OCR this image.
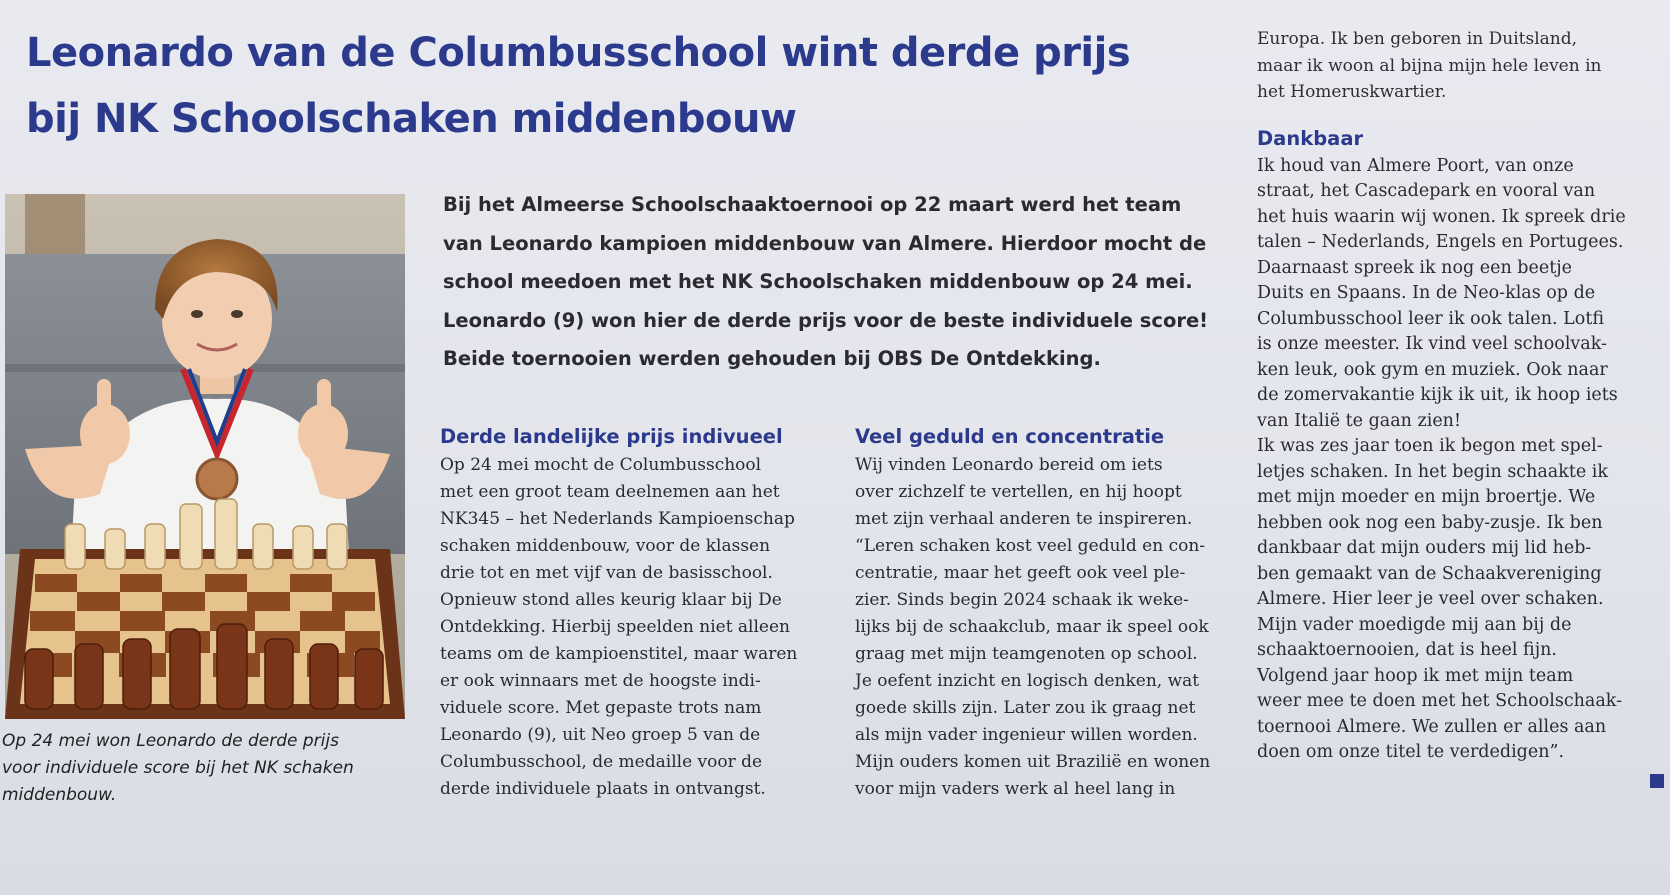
Leonardo van de Columbusschool wint derde prijs
bij NK Schoolschaken middenbouw
Op 24 mei won Leonardo de derde prijs
voor individuele score bij het NK schaken
middenbouw.
Bij het Almeerse Schoolschaaktoernooi op 22 maart werd het team
van Leonardo kampioen middenbouw van Almere. Hierdoor mocht de
school meedoen met het NK Schoolschaken middenbouw op 24 mei.
Leonardo (9) won hier de derde prijs voor de beste individuele score!
Beide toernooien werden gehouden bij OBS De Ontdekking.
Derde landelijke prijs indivueel
Op 24 mei mocht de Columbusschool
met een groot team deelnemen aan het
NK345 – het Nederlands Kampioenschap
schaken middenbouw, voor de klassen
drie tot en met vijf van de basisschool.
Opnieuw stond alles keurig klaar bij De
Ontdekking. Hierbij speelden niet alleen
teams om de kampioenstitel, maar waren
er ook winnaars met de hoogste indi-
viduele score. Met gepaste trots nam
Leonardo (9), uit Neo groep 5 van de
Columbusschool, de medaille voor de
derde individuele plaats in ontvangst.
Veel geduld en concentratie
Wij vinden Leonardo bereid om iets
over zichzelf te vertellen, en hij hoopt
met zijn verhaal anderen te inspireren.
“Leren schaken kost veel geduld en con-
centratie, maar het geeft ook veel ple-
zier. Sinds begin 2024 schaak ik weke-
lijks bij de schaakclub, maar ik speel ook
graag met mijn teamgenoten op school.
Je oefent inzicht en logisch denken, wat
goede skills zijn. Later zou ik graag net
als mijn vader ingenieur willen worden.
Mijn ouders komen uit Brazilië en wonen
voor mijn vaders werk al heel lang in
Europa. Ik ben geboren in Duitsland,
maar ik woon al bijna mijn hele leven in
het Homeruskwartier.
Dankbaar
Ik houd van Almere Poort, van onze
straat, het Cascadepark en vooral van
het huis waarin wij wonen. Ik spreek drie
talen – Nederlands, Engels en Portugees.
Daarnaast spreek ik nog een beetje
Duits en Spaans. In de Neo-klas op de
Columbusschool leer ik ook talen. Lotfi
is onze meester. Ik vind veel schoolvak-
ken leuk, ook gym en muziek. Ook naar
de zomervakantie kijk ik uit, ik hoop iets
van Italië te gaan zien!
Ik was zes jaar toen ik begon met spel-
letjes schaken. In het begin schaakte ik
met mijn moeder en mijn broertje. We
hebben ook nog een baby-zusje. Ik ben
dankbaar dat mijn ouders mij lid heb-
ben gemaakt van de Schaakvereniging
Almere. Hier leer je veel over schaken.
Mijn vader moedigde mij aan bij de
schaaktoernooien, dat is heel fijn.
Volgend jaar hoop ik met mijn team
weer mee te doen met het Schoolschaak-
toernooi Almere. We zullen er alles aan
doen om onze titel te verdedigen”.
